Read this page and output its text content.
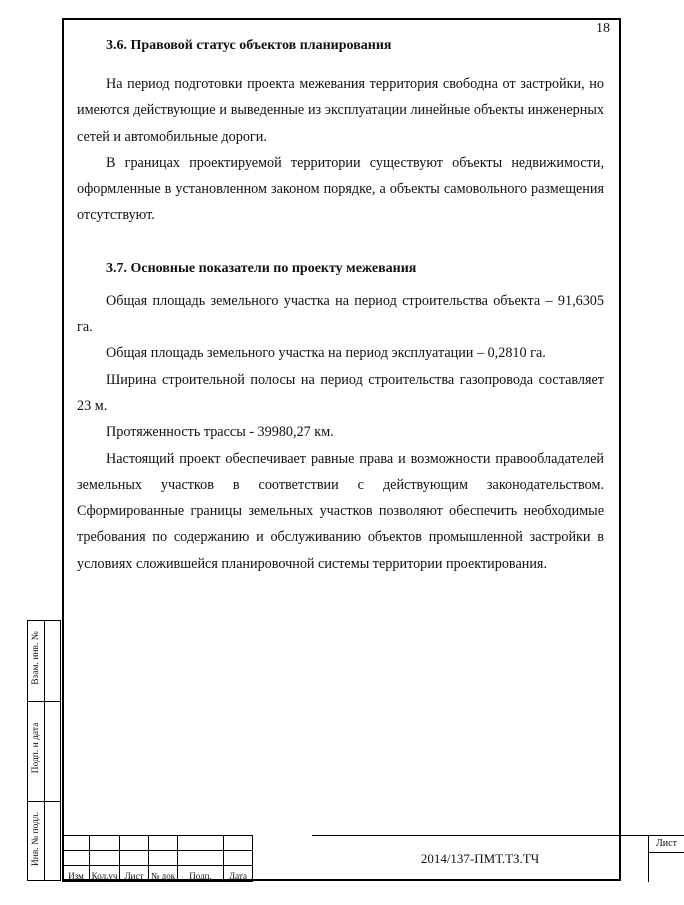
18
3.6. Правовой статус объектов планирования

На период подготовки проекта межевания территория свободна от застройки, но имеются действующие и выведенные из эксплуатации линейные объекты инженерных сетей и автомобильные дороги.

В границах проектируемой территории существуют объекты недвижимости, оформленные в установленном законом порядке, а объекты самовольного размещения отсутствуют.

3.7. Основные показатели по проекту межевания

Общая площадь земельного участка на период строительства объекта – 91,6305 га.

Общая площадь земельного участка на период эксплуатации – 0,2810 га.

Ширина строительной полосы на период строительства газопровода составляет 23 м.

Протяженность трассы - 39980,27 км.

Настоящий проект обеспечивает равные права и возможности правообладателей земельных участков в соответствии с действующим законодательством. Сформированные границы земельных участков позволяют обеспечить необходимые требования по содержанию и обслуживанию объектов промышленной застройки в условиях сложившейся планировочной системы территории проектирования.

Взам. инв. №
Подп. и дата
Инв. № подл.

Изм	Кол.уч	Лист	№ док	Подп.	Дата
2014/137-ПМТ.ТЗ.ТЧ
Лист
